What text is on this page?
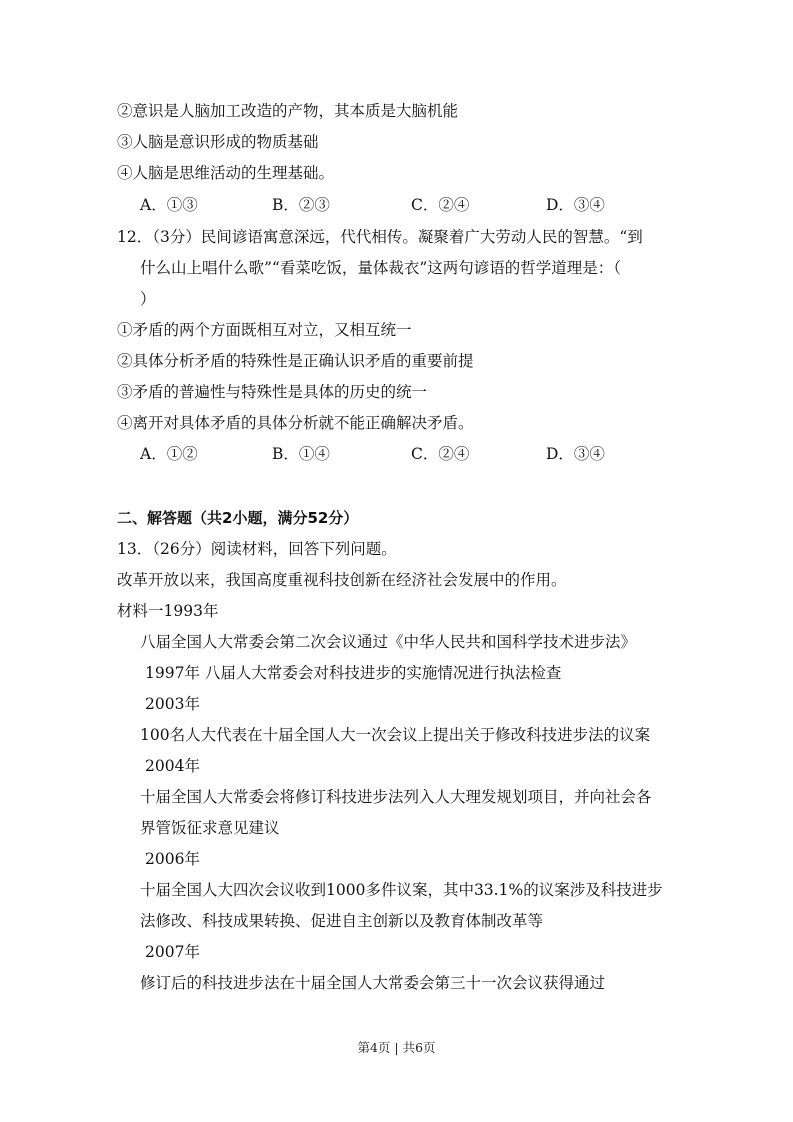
②意识是人脑加工改造的产物，其本质是大脑机能
③人脑是意识形成的物质基础
④人脑是思维活动的生理基础。
A．①③	B．②③	C．②④	D．③④
12．（3分）民间谚语寓意深远，代代相传。凝聚着广大劳动人民的智慧。“到
什么山上唱什么歌”“看菜吃饭，量体裁衣”这两句谚语的哲学道理是：（
）
①矛盾的两个方面既相互对立，又相互统一
②具体分析矛盾的特殊性是正确认识矛盾的重要前提
③矛盾的普遍性与特殊性是具体的历史的统一
④离开对具体矛盾的具体分析就不能正确解决矛盾。
A．①②	B．①④	C．②④	D．③④
二、解答题（共2小题，满分52分）
13．（26分）阅读材料，回答下列问题。
改革开放以来，我国高度重视科技创新在经济社会发展中的作用。
材料一1993年
八届全国人大常委会第二次会议通过《中华人民共和国科学技术进步法》
1997年 八届人大常委会对科技进步的实施情况进行执法检查
2003年
100名人大代表在十届全国人大一次会议上提出关于修改科技进步法的议案
2004年
十届全国人大常委会将修订科技进步法列入人大理发规划项目，并向社会各
界管饭征求意见建议
2006年
十届全国人大四次会议收到1000多件议案，其中33.1%的议案涉及科技进步
法修改、科技成果转换、促进自主创新以及教育体制改革等
2007年
修订后的科技进步法在十届全国人大常委会第三十一次会议获得通过
第4页 | 共6页
